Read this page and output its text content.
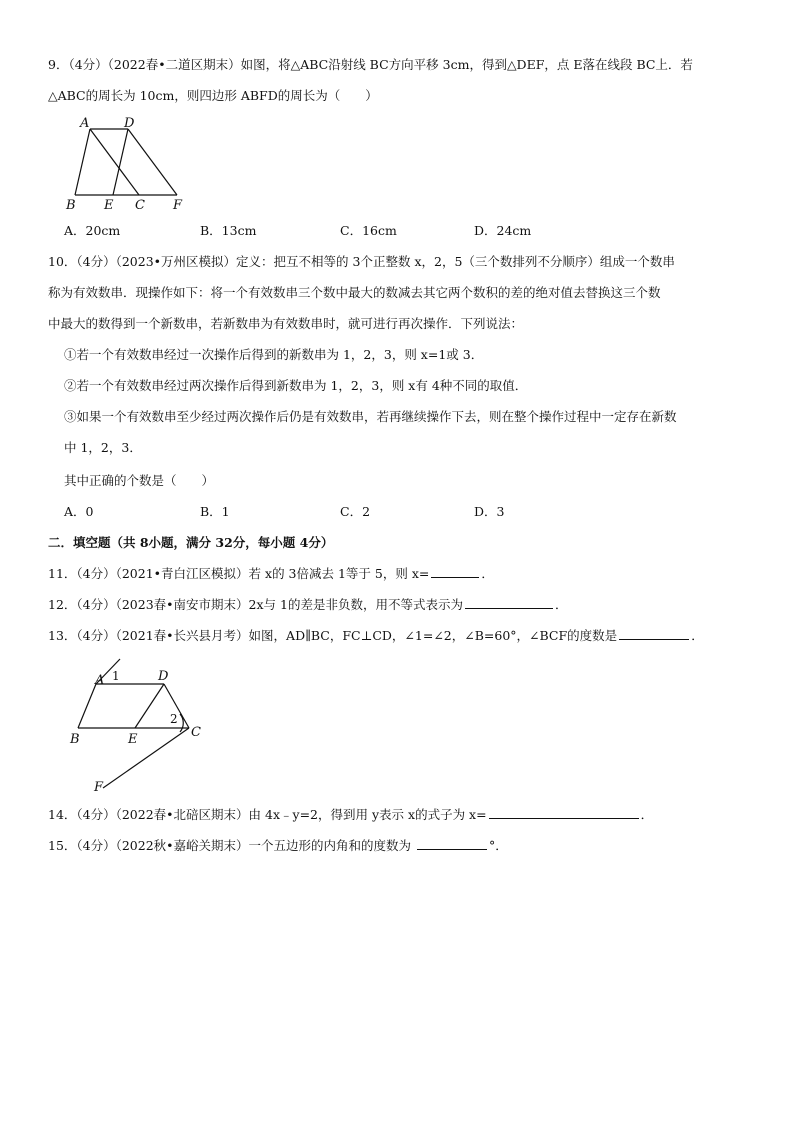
9．（4分）（2022春•二道区期末）如图，将△ABC沿射线 BC方向平移 3cm，得到△DEF，点 E落在线段 BC上．若
△ABC的周长为 10cm，则四边形 ABFD的周长为（　　）
A	D
B E C F
A．20cm	B．13cm	C．16cm	D．24cm
10．（4分）（2023•万州区模拟）定义：把互不相等的 3个正整数 x，2，5（三个数排列不分顺序）组成一个数串
称为有效数串．现操作如下：将一个有效数串三个数中最大的数减去其它两个数积的差的绝对值去替换这三个数
中最大的数得到一个新数串，若新数串为有效数串时，就可进行再次操作．下列说法：
①若一个有效数串经过一次操作后得到的新数串为 1，2，3，则 x=1或 3．
②若一个有效数串经过两次操作后得到新数串为 1，2，3，则 x有 4种不同的取值．
③如果一个有效数串至少经过两次操作后仍是有效数串，若再继续操作下去，则在整个操作过程中一定存在新数
中 1，2，3．
其中正确的个数是（　　）
A．0	B．1	C．2	D．3
二．填空题（共 8小题，满分 32分，每小题 4分）
11．（4分）（2021•青白江区模拟）若 x的 3倍减去 1等于 5，则 x=	．
12．（4分）（2023春•南安市期末）2x与 1的差是非负数，用不等式表示为	．
13．（4分）（2021春•长兴县月考）如图，AD∥BC，FC⊥CD，∠1=∠2，∠B=60°，∠BCF的度数是	．
A 1	D
2
B	E	C
F
14．（4分）（2022春•北碚区期末）由 4x﹣y=2，得到用 y表示 x的式子为 x=	．
15．（4分）（2022秋•嘉峪关期末）一个五边形的内角和的度数为	°．
